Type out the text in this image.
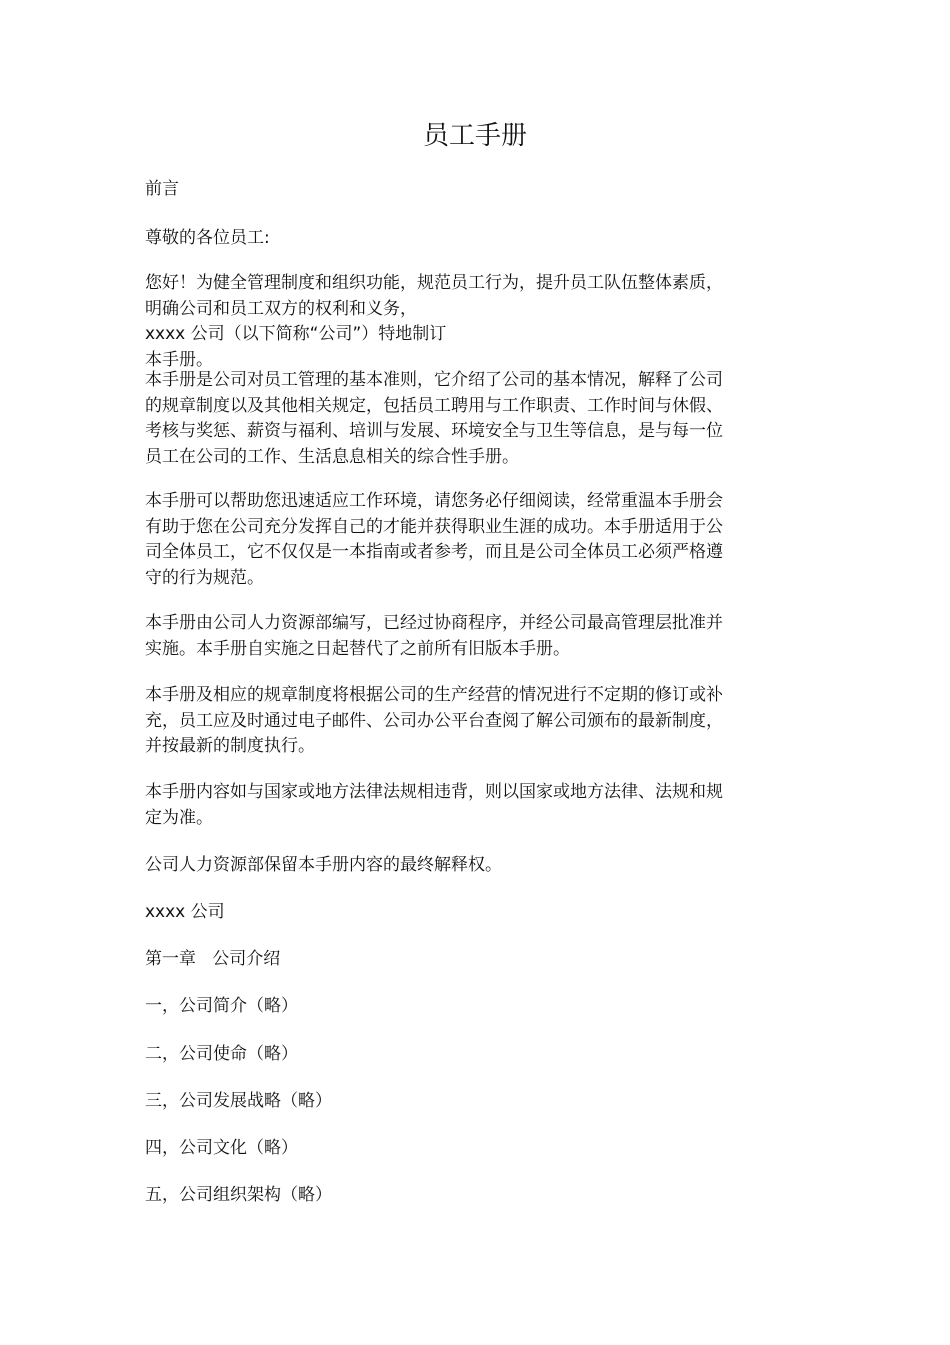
员工手册
前言
尊敬的各位员工:
您好！为健全管理制度和组织功能，规范员工行为，提升员工队伍整体素质，
明确公司和员工双方的权利和义务，
xxxx 公司（以下简称“公司”）特地制订
本手册。
本手册是公司对员工管理的基本准则，它介绍了公司的基本情况，解释了公司
的规章制度以及其他相关规定，包括员工聘用与工作职责、工作时间与休假、
考核与奖惩、薪资与福利、培训与发展、环境安全与卫生等信息，是与每一位
员工在公司的工作、生活息息相关的综合性手册。
本手册可以帮助您迅速适应工作环境，请您务必仔细阅读，经常重温本手册会
有助于您在公司充分发挥自己的才能并获得职业生涯的成功。本手册适用于公
司全体员工，它不仅仅是一本指南或者参考，而且是公司全体员工必须严格遵
守的行为规范。
本手册由公司人力资源部编写，已经过协商程序，并经公司最高管理层批准并
实施。本手册自实施之日起替代了之前所有旧版本手册。
本手册及相应的规章制度将根据公司的生产经营的情况进行不定期的修订或补
充，员工应及时通过电子邮件、公司办公平台查阅了解公司颁布的最新制度，
并按最新的制度执行。
本手册内容如与国家或地方法律法规相违背，则以国家或地方法律、法规和规
定为准。
公司人力资源部保留本手册内容的最终解释权。
xxxx 公司
第一章   公司介绍
一，公司简介（略）
二，公司使命（略）
三，公司发展战略（略）
四，公司文化（略）
五，公司组织架构（略）
